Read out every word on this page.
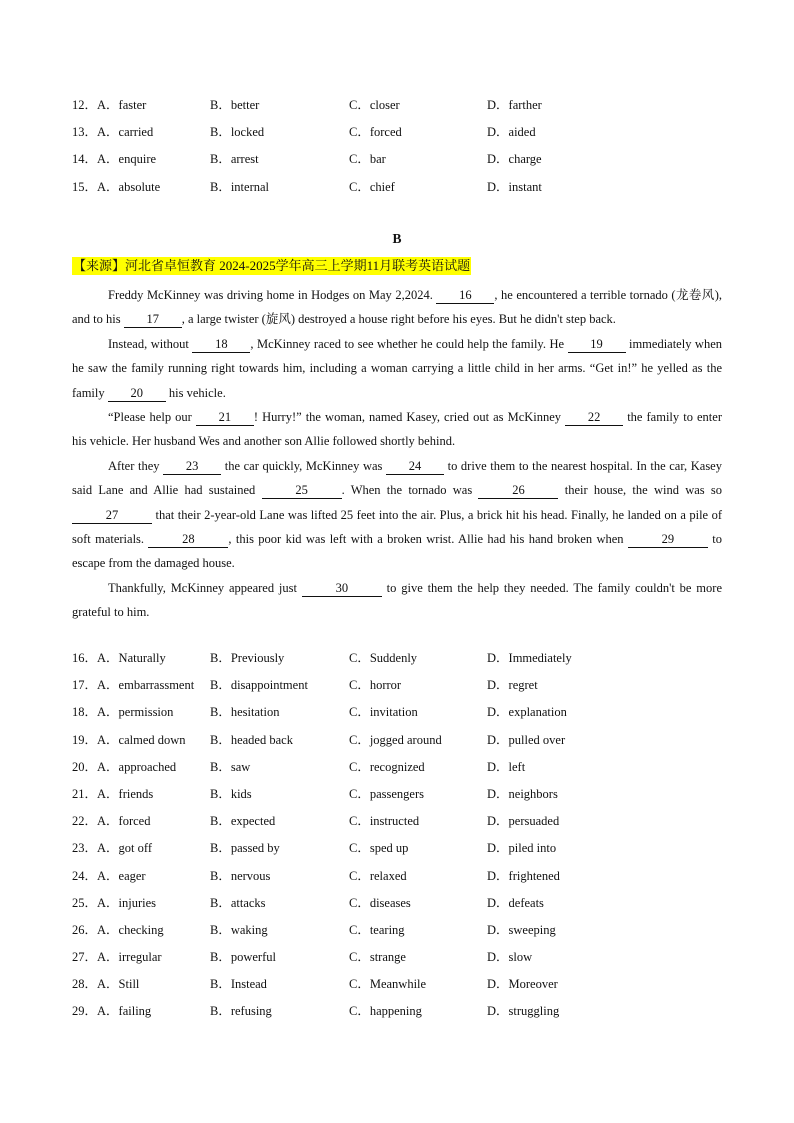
12．A．faster	B．better	C．closer	D．farther
13．A．carried	B．locked	C．forced	D．aided
14．A．enquire	B．arrest	C．bar	D．charge
15．A．absolute	B．internal	C．chief	D．instant
B
【来源】河北省卓恒教育 2024-2025学年高三上学期11月联考英语试题

Freddy McKinney was driving home in Hodges on May 2,2024. 16 , he encountered a terrible tornado (龙卷风), and to his 17 , a large twister (旋风) destroyed a house right before his eyes. But he didn't step back.

Instead, without 18 , McKinney raced to see whether he could help the family. He 19 immediately when he saw the family running right towards him, including a woman carrying a little child in her arms. “Get in!” he yelled as the family 20 his vehicle.

“Please help our 21 ! Hurry!” the woman, named Kasey, cried out as McKinney 22 the family to enter his vehicle. Her husband Wes and another son Allie followed shortly behind.

After they 23 the car quickly, McKinney was 24 to drive them to the nearest hospital. In the car, Kasey said Lane and Allie had sustained	25	. When the tornado was	26	their house, the wind was so 27	that their 2-year-old Lane was lifted 25 feet into the air. Plus, a brick hit his head. Finally, he landed on a pile of soft materials.	28	, this poor kid was left with a broken wrist. Allie had his hand broken when	29	to escape from the damaged house.

Thankfully, McKinney appeared just	30	to give them the help they needed. The family couldn't be more grateful to him.

16．A．Naturally	B．Previously	C．Suddenly	D．Immediately
17．A．embarrassment B．disappointment	C．horror	D．regret
18．A．permission	B．hesitation	C．invitation	D．explanation
19．A．calmed down B．headed back	C．jogged around	D．pulled over
20．A．approached	B．saw	C．recognized	D．left
21．A．friends	B．kids	C．passengers	D．neighbors
22．A．forced	B．expected	C．instructed	D．persuaded
23．A．got off	B．passed by	C．sped up	D．piled into
24．A．eager	B．nervous	C．relaxed	D．frightened
25．A．injuries	B．attacks	C．diseases	D．defeats
26．A．checking	B．waking	C．tearing	D．sweeping
27．A．irregular	B．powerful	C．strange	D．slow
28．A．Still	B．Instead	C．Meanwhile	D．Moreover
29．A．failing	B．refusing	C．happening	D．struggling
